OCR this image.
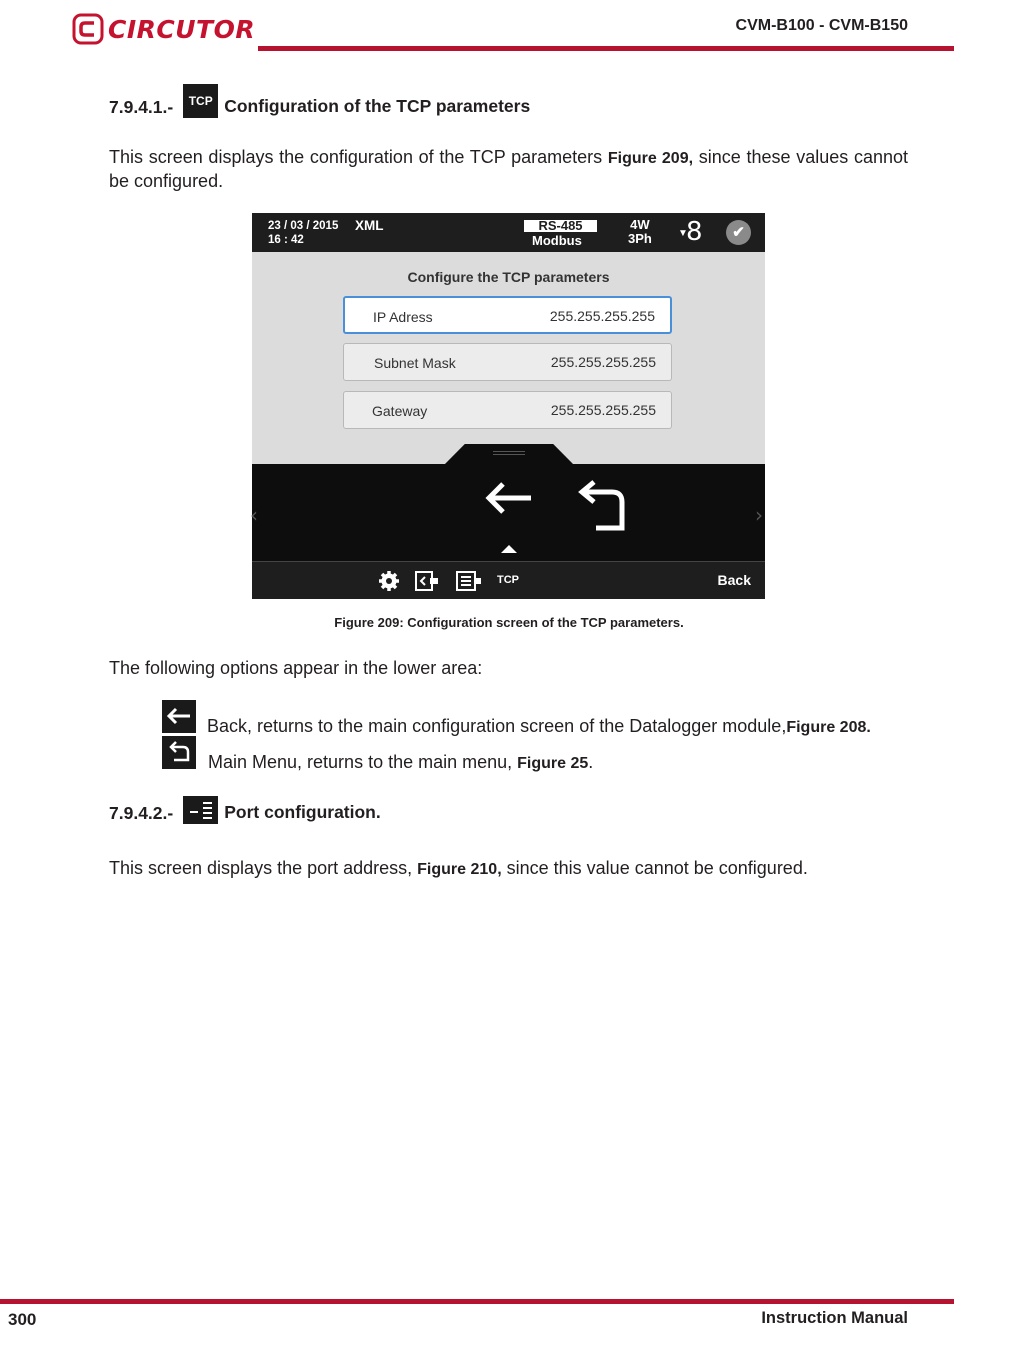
CIRCUTOR	CVM-B100 - CVM-B150
7.9.4.1.-	TCP Configuration of the TCP parameters

This screen displays the configuration of the TCP parameters Figure 209, since these values cannot be configured.

23 / 03 / 2015
16 : 42
XML	RS-485
Modbus
4W
3Ph	▼
8	✔
Configure the TCP parameters
IP Adress	255.255.255.255
Subnet Mask	255.255.255.255
Gateway	255.255.255.255
‹	›
TCP	Back
Figure 209: Configuration screen of the TCP parameters.

The following options appear in the lower area:

Back, returns to the main configuration screen of the Datalogger module,Figure 208.
Main Menu, returns to the main menu, Figure 25.
7.9.4.2.-	Port configuration.

This screen displays the port address, Figure 210, since this value cannot be configured.

300	Instruction Manual
